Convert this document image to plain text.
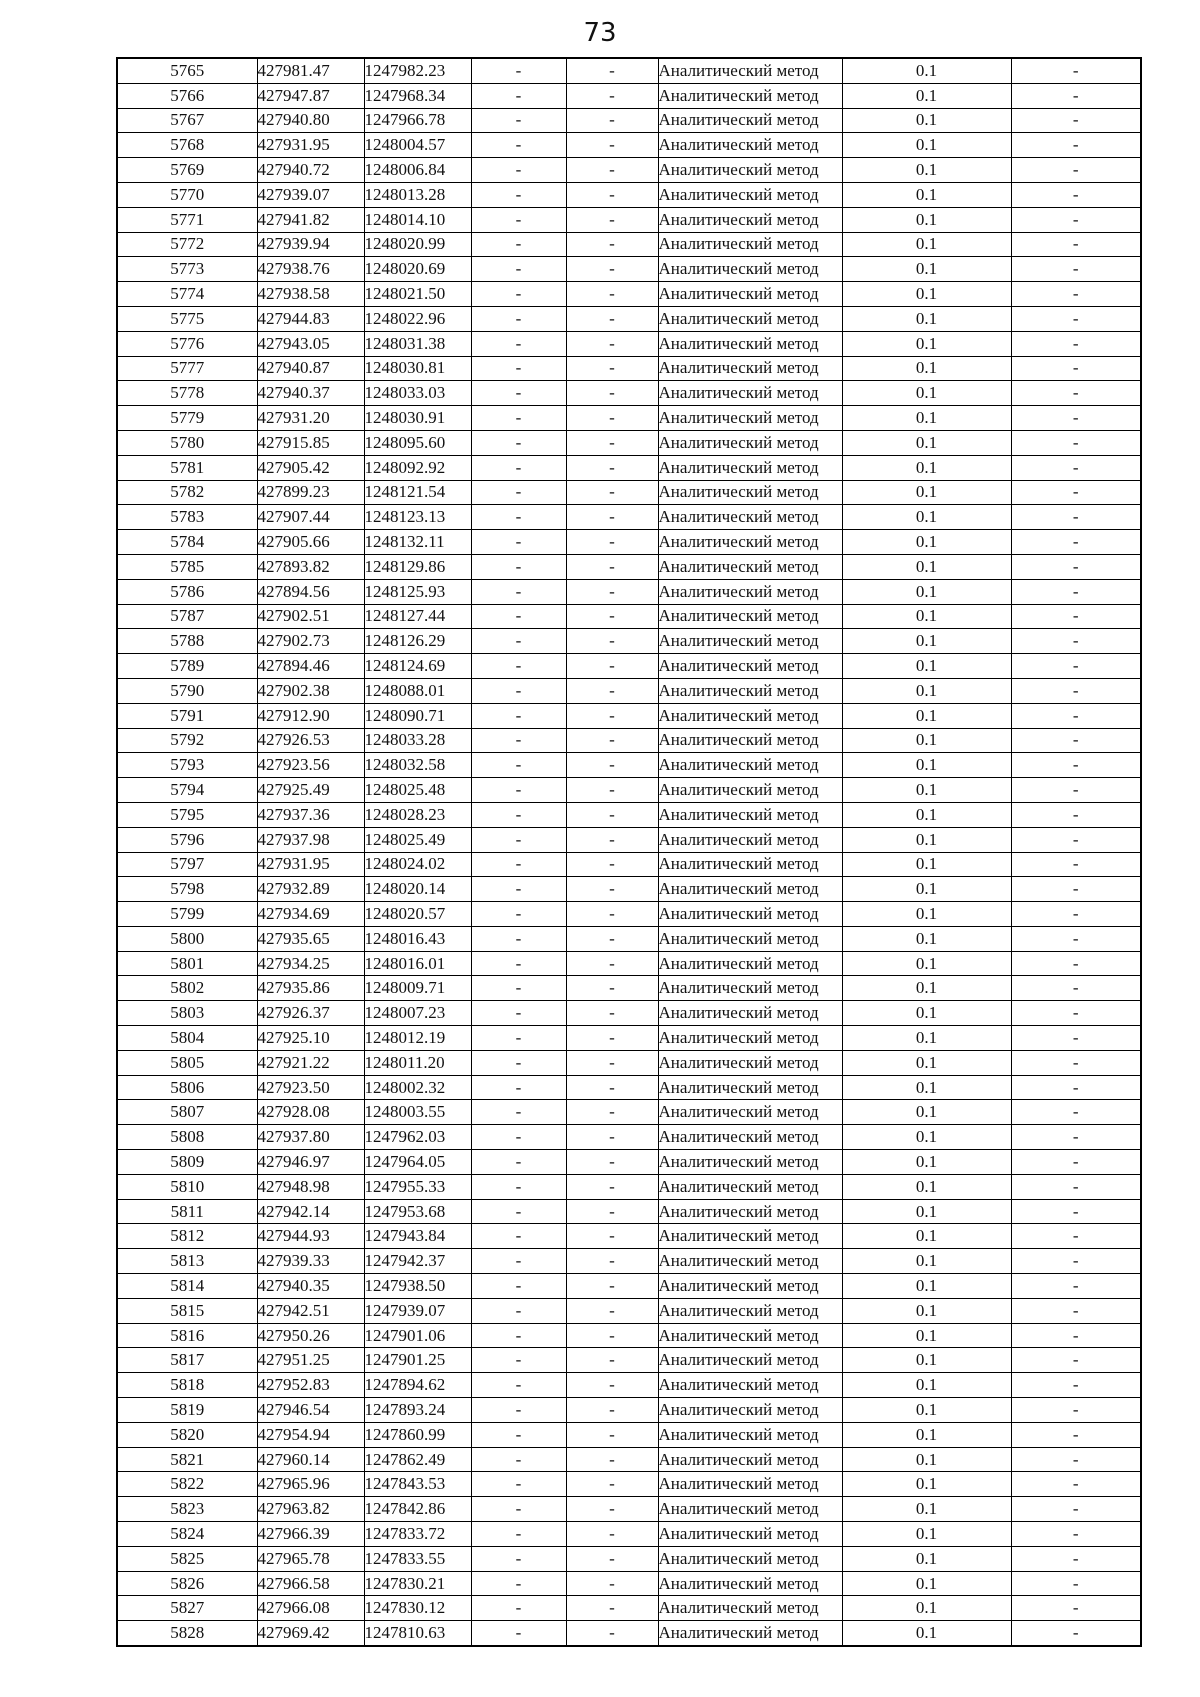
73
5765	427981.47	1247982.23	-	-	Аналитический метод	0.1	-
5766	427947.87	1247968.34	-	-	Аналитический метод	0.1	-
5767	427940.80	1247966.78	-	-	Аналитический метод	0.1	-
5768	427931.95	1248004.57	-	-	Аналитический метод	0.1	-
5769	427940.72	1248006.84	-	-	Аналитический метод	0.1	-
5770	427939.07	1248013.28	-	-	Аналитический метод	0.1	-
5771	427941.82	1248014.10	-	-	Аналитический метод	0.1	-
5772	427939.94	1248020.99	-	-	Аналитический метод	0.1	-
5773	427938.76	1248020.69	-	-	Аналитический метод	0.1	-
5774	427938.58	1248021.50	-	-	Аналитический метод	0.1	-
5775	427944.83	1248022.96	-	-	Аналитический метод	0.1	-
5776	427943.05	1248031.38	-	-	Аналитический метод	0.1	-
5777	427940.87	1248030.81	-	-	Аналитический метод	0.1	-
5778	427940.37	1248033.03	-	-	Аналитический метод	0.1	-
5779	427931.20	1248030.91	-	-	Аналитический метод	0.1	-
5780	427915.85	1248095.60	-	-	Аналитический метод	0.1	-
5781	427905.42	1248092.92	-	-	Аналитический метод	0.1	-
5782	427899.23	1248121.54	-	-	Аналитический метод	0.1	-
5783	427907.44	1248123.13	-	-	Аналитический метод	0.1	-
5784	427905.66	1248132.11	-	-	Аналитический метод	0.1	-
5785	427893.82	1248129.86	-	-	Аналитический метод	0.1	-
5786	427894.56	1248125.93	-	-	Аналитический метод	0.1	-
5787	427902.51	1248127.44	-	-	Аналитический метод	0.1	-
5788	427902.73	1248126.29	-	-	Аналитический метод	0.1	-
5789	427894.46	1248124.69	-	-	Аналитический метод	0.1	-
5790	427902.38	1248088.01	-	-	Аналитический метод	0.1	-
5791	427912.90	1248090.71	-	-	Аналитический метод	0.1	-
5792	427926.53	1248033.28	-	-	Аналитический метод	0.1	-
5793	427923.56	1248032.58	-	-	Аналитический метод	0.1	-
5794	427925.49	1248025.48	-	-	Аналитический метод	0.1	-
5795	427937.36	1248028.23	-	-	Аналитический метод	0.1	-
5796	427937.98	1248025.49	-	-	Аналитический метод	0.1	-
5797	427931.95	1248024.02	-	-	Аналитический метод	0.1	-
5798	427932.89	1248020.14	-	-	Аналитический метод	0.1	-
5799	427934.69	1248020.57	-	-	Аналитический метод	0.1	-
5800	427935.65	1248016.43	-	-	Аналитический метод	0.1	-
5801	427934.25	1248016.01	-	-	Аналитический метод	0.1	-
5802	427935.86	1248009.71	-	-	Аналитический метод	0.1	-
5803	427926.37	1248007.23	-	-	Аналитический метод	0.1	-
5804	427925.10	1248012.19	-	-	Аналитический метод	0.1	-
5805	427921.22	1248011.20	-	-	Аналитический метод	0.1	-
5806	427923.50	1248002.32	-	-	Аналитический метод	0.1	-
5807	427928.08	1248003.55	-	-	Аналитический метод	0.1	-
5808	427937.80	1247962.03	-	-	Аналитический метод	0.1	-
5809	427946.97	1247964.05	-	-	Аналитический метод	0.1	-
5810	427948.98	1247955.33	-	-	Аналитический метод	0.1	-
5811	427942.14	1247953.68	-	-	Аналитический метод	0.1	-
5812	427944.93	1247943.84	-	-	Аналитический метод	0.1	-
5813	427939.33	1247942.37	-	-	Аналитический метод	0.1	-
5814	427940.35	1247938.50	-	-	Аналитический метод	0.1	-
5815	427942.51	1247939.07	-	-	Аналитический метод	0.1	-
5816	427950.26	1247901.06	-	-	Аналитический метод	0.1	-
5817	427951.25	1247901.25	-	-	Аналитический метод	0.1	-
5818	427952.83	1247894.62	-	-	Аналитический метод	0.1	-
5819	427946.54	1247893.24	-	-	Аналитический метод	0.1	-
5820	427954.94	1247860.99	-	-	Аналитический метод	0.1	-
5821	427960.14	1247862.49	-	-	Аналитический метод	0.1	-
5822	427965.96	1247843.53	-	-	Аналитический метод	0.1	-
5823	427963.82	1247842.86	-	-	Аналитический метод	0.1	-
5824	427966.39	1247833.72	-	-	Аналитический метод	0.1	-
5825	427965.78	1247833.55	-	-	Аналитический метод	0.1	-
5826	427966.58	1247830.21	-	-	Аналитический метод	0.1	-
5827	427966.08	1247830.12	-	-	Аналитический метод	0.1	-
5828	427969.42	1247810.63	-	-	Аналитический метод	0.1	-
